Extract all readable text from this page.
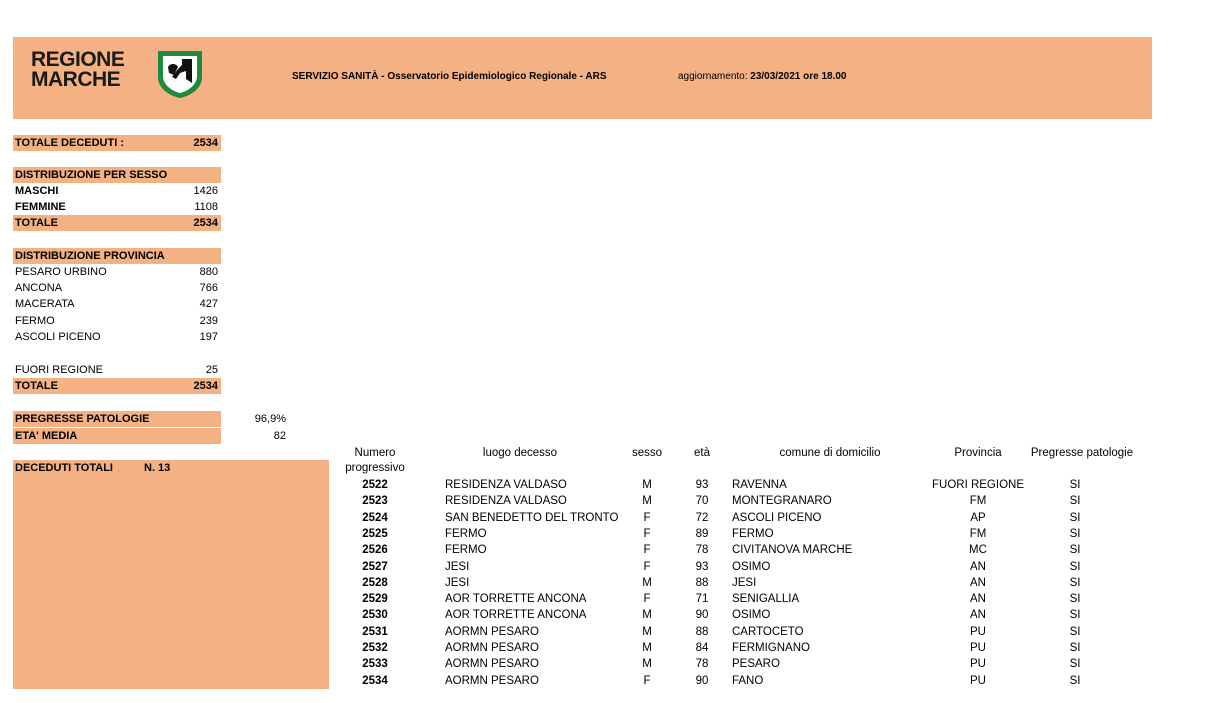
REGIONE
MARCHE	SERVIZIO SANITÀ - Osservatorio Epidemiologico Regionale - ARS	aggiornamento: 23/03/2021 ore 18.00
TOTALE DECEDUTI :	2534
DISTRIBUZIONE PER SESSO
MASCHI	1426
FEMMINE	1108
TOTALE	2534
DISTRIBUZIONE PROVINCIA
PESARO URBINO	880
ANCONA	766
MACERATA	427
FERMO	239
ASCOLI PICENO	197
FUORI REGIONE	25
TOTALE	2534
PREGRESSE PATOLOGIE	96,9%
ETA' MEDIA	82
DECEDUTI TOTALI	N. 13
Numero
progressivo
luogo decesso	sesso	età	comune di domicilio	Provincia	Pregresse patologie
2522	RESIDENZA VALDASO	M	93	RAVENNA	FUORI REGIONE	SI
2523	RESIDENZA VALDASO	M	70	MONTEGRANARO	FM	SI
2524	SAN BENEDETTO DEL TRONTO	F	72	ASCOLI PICENO	AP	SI
2525	FERMO	F	89	FERMO	FM	SI
2526	FERMO	F	78	CIVITANOVA MARCHE	MC	SI
2527	JESI	F	93	OSIMO	AN	SI
2528	JESI	M	88	JESI	AN	SI
2529	AOR TORRETTE ANCONA	F	71	SENIGALLIA	AN	SI
2530	AOR TORRETTE ANCONA	M	90	OSIMO	AN	SI
2531	AORMN PESARO	M	88	CARTOCETO	PU	SI
2532	AORMN PESARO	M	84	FERMIGNANO	PU	SI
2533	AORMN PESARO	M	78	PESARO	PU	SI
2534	AORMN PESARO	F	90	FANO	PU	SI
